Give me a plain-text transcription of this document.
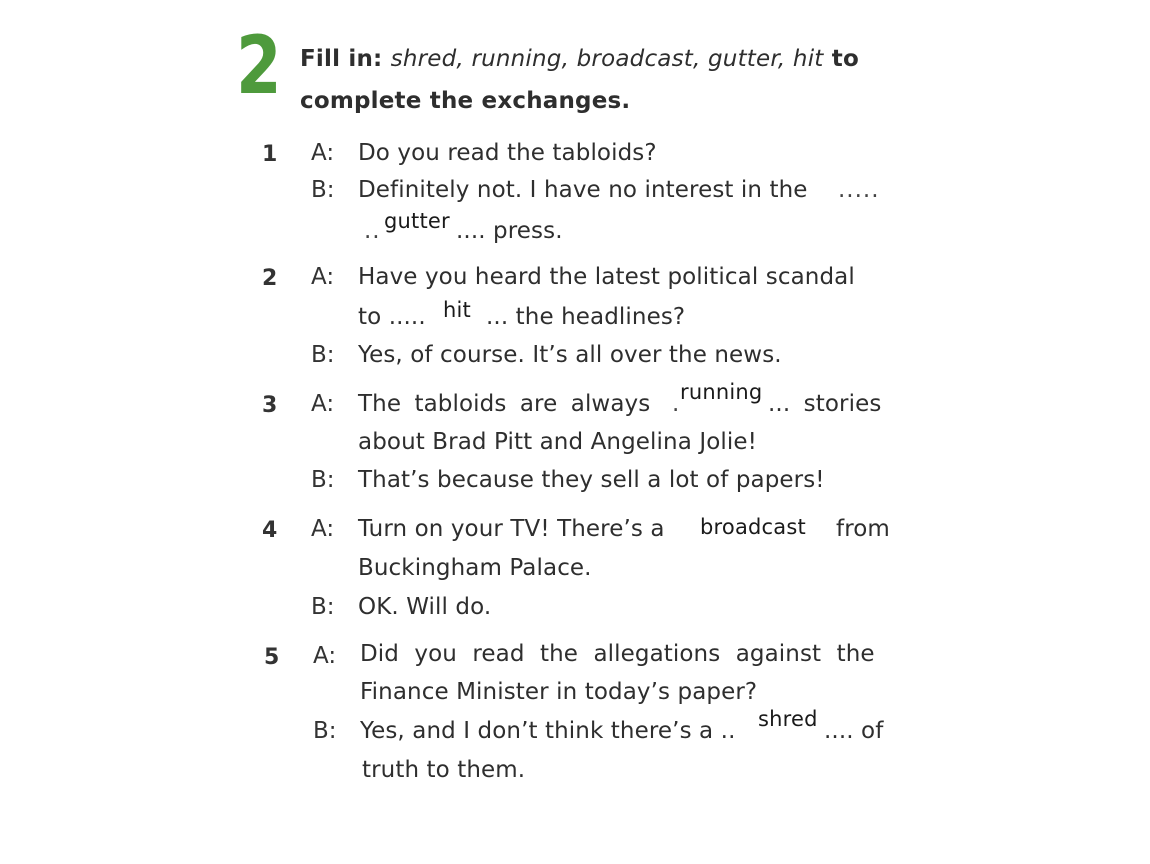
2 Fill in: shred, running, broadcast, gutter, hit to
complete the exchanges.
1 A: Do you read the tabloids?
B: Definitely not. I have no interest in the .....
.. gutter .... press.
2 A: Have you heard the latest political scandal
to ..... hit ... the headlines?
B: Yes, of course. It’s all over the news.
3 A: The tabloids are always . running ... stories
about Brad Pitt and Angelina Jolie!
B: That’s because they sell a lot of papers!
4 A: Turn on your TV! There’s a broadcast from
Buckingham Palace.
B: OK. Will do.
5 A: Did you read the allegations against the
Finance Minister in today’s paper?
B: Yes, and I don’t think there’s a .. shred .... of
truth to them.
